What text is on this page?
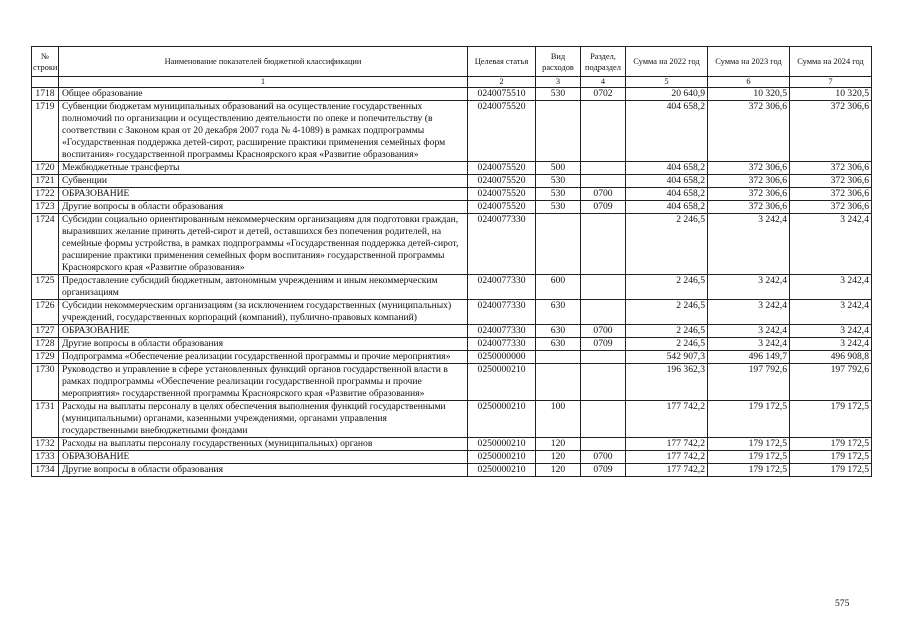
№ строки	Наименование показателей бюджетной классификации	Целевая статья	Вид расходов	Раздел, подраздел	Сумма на 2022 год	Сумма на 2023 год	Сумма на 2024 год
	1	2	3	4	5	6	7
1718	Общее образование	0240075510	530	0702	20 640,9	10 320,5	10 320,5
1719	Субвенции бюджетам муниципальных образований на осуществление государственных полномочий по организации и осуществлению деятельности по опеке и попечительству (в соответствии с Законом края от 20 декабря 2007 года № 4-1089) в рамках подпрограммы «Государственная поддержка детей-сирот, расширение практики применения семейных форм воспитания» государственной программы Красноярского края «Развитие образования»	0240075520			404 658,2	372 306,6	372 306,6
1720	Межбюджетные трансферты	0240075520	500		404 658,2	372 306,6	372 306,6
1721	Субвенции	0240075520	530		404 658,2	372 306,6	372 306,6
1722	ОБРАЗОВАНИЕ	0240075520	530	0700	404 658,2	372 306,6	372 306,6
1723	Другие вопросы в области образования	0240075520	530	0709	404 658,2	372 306,6	372 306,6
1724	Субсидии социально ориентированным некоммерческим организациям для подготовки граждан, выразивших желание принять детей-сирот и детей, оставшихся без попечения родителей, на семейные формы устройства, в рамках подпрограммы «Государственная поддержка детей-сирот, расширение практики применения семейных форм воспитания» государственной программы Красноярского края «Развитие образования»	0240077330			2 246,5	3 242,4	3 242,4
1725	Предоставление субсидий бюджетным, автономным учреждениям и иным некоммерческим организациям	0240077330	600		2 246,5	3 242,4	3 242,4
1726	Субсидии некоммерческим организациям (за исключением государственных (муниципальных) учреждений, государственных корпораций (компаний), публично-правовых компаний)	0240077330	630		2 246,5	3 242,4	3 242,4
1727	ОБРАЗОВАНИЕ	0240077330	630	0700	2 246,5	3 242,4	3 242,4
1728	Другие вопросы в области образования	0240077330	630	0709	2 246,5	3 242,4	3 242,4
1729	Подпрограмма «Обеспечение реализации государственной программы и прочие мероприятия»	0250000000			542 907,3	496 149,7	496 908,8
1730	Руководство и управление в сфере установленных функций органов государственной власти в рамках подпрограммы «Обеспечение реализации государственной программы и прочие мероприятия» государственной программы Красноярского края «Развитие образования»	0250000210			196 362,3	197 792,6	197 792,6
1731	Расходы на выплаты персоналу в целях обеспечения выполнения функций государственными (муниципальными) органами, казенными учреждениями, органами управления государственными внебюджетными фондами	0250000210	100		177 742,2	179 172,5	179 172,5
1732	Расходы на выплаты персоналу государственных (муниципальных) органов	0250000210	120		177 742,2	179 172,5	179 172,5
1733	ОБРАЗОВАНИЕ	0250000210	120	0700	177 742,2	179 172,5	179 172,5
1734	Другие вопросы в области образования	0250000210	120	0709	177 742,2	179 172,5	179 172,5
575
